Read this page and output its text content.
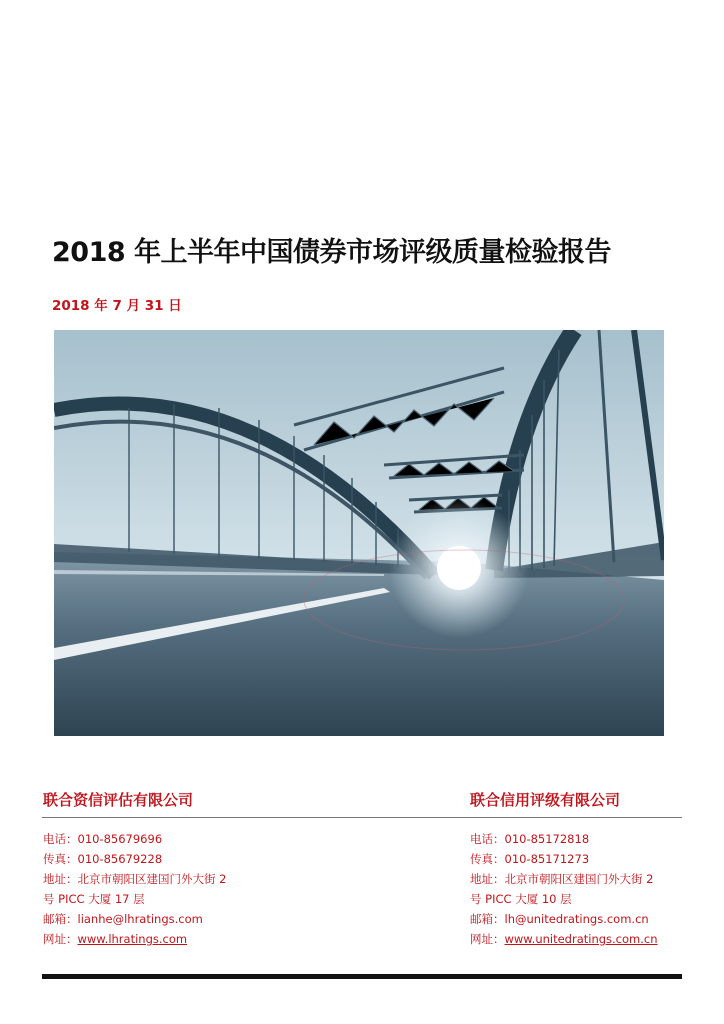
2018 年上半年中国债券市场评级质量检验报告
2018 年 7 月 31 日
联合资信评估有限公司	联合信用评级有限公司
电话：010-85679696
传真：010-85679228
地址：北京市朝阳区建国门外大街 2
号 PICC 大厦 17 层
邮箱：lianhe@lhratings.com
网址：www.lhratings.com
电话：010-85172818
传真：010-85171273
地址：北京市朝阳区建国门外大街 2
号 PICC 大厦 10 层
邮箱：lh@unitedratings.com.cn
网址：www.unitedratings.com.cn
